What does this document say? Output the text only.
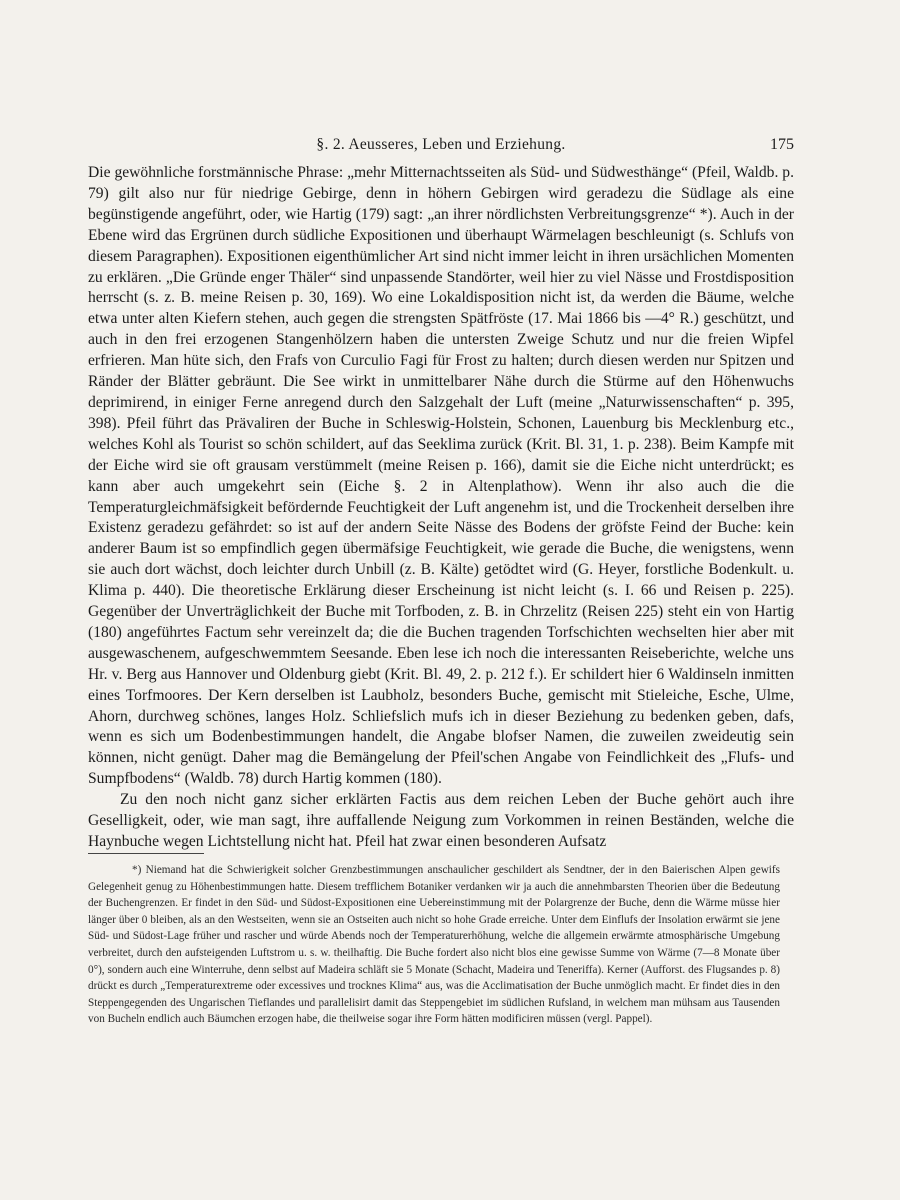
§. 2. Aeusseres, Leben und Erziehung.	175

Die gewöhnliche forstmännische Phrase: „mehr Mitternachtsseiten als Süd- und Südwesthänge“ (Pfeil, Waldb. p. 79) gilt also nur für niedrige Gebirge, denn in höhern Gebirgen wird geradezu die Südlage als eine begünstigende angeführt, oder, wie Hartig (179) sagt: „an ihrer nördlichsten Verbreitungsgrenze“ *). Auch in der Ebene wird das Ergrünen durch südliche Expositionen und überhaupt Wärmelagen beschleunigt (s. Schlufs von diesem Paragraphen). Expositionen eigenthümlicher Art sind nicht immer leicht in ihren ursächlichen Momenten zu erklären. „Die Gründe enger Thäler“ sind unpassende Standörter, weil hier zu viel Nässe und Frostdisposition herrscht (s. z. B. meine Reisen p. 30, 169). Wo eine Lokaldisposition nicht ist, da werden die Bäume, welche etwa unter alten Kiefern stehen, auch gegen die strengsten Spätfröste (17. Mai 1866 bis —4° R.) geschützt, und auch in den frei erzogenen Stangenhölzern haben die untersten Zweige Schutz und nur die freien Wipfel erfrieren. Man hüte sich, den Frafs von Curculio Fagi für Frost zu halten; durch diesen werden nur Spitzen und Ränder der Blätter gebräunt. Die See wirkt in unmittelbarer Nähe durch die Stürme auf den Höhenwuchs deprimirend, in einiger Ferne anregend durch den Salzgehalt der Luft (meine „Naturwissenschaften“ p. 395, 398). Pfeil führt das Prävaliren der Buche in Schleswig-Holstein, Schonen, Lauenburg bis Mecklenburg etc., welches Kohl als Tourist so schön schildert, auf das Seeklima zurück (Krit. Bl. 31, 1. p. 238). Beim Kampfe mit der Eiche wird sie oft grausam verstümmelt (meine Reisen p. 166), damit sie die Eiche nicht unterdrückt; es kann aber auch umgekehrt sein (Eiche §. 2 in Altenplathow). Wenn ihr also auch die die Temperaturgleichmäfsigkeit befördernde Feuchtigkeit der Luft angenehm ist, und die Trockenheit derselben ihre Existenz geradezu gefährdet: so ist auf der andern Seite Nässe des Bodens der gröfste Feind der Buche: kein anderer Baum ist so empfindlich gegen übermäfsige Feuchtigkeit, wie gerade die Buche, die wenigstens, wenn sie auch dort wächst, doch leichter durch Unbill (z. B. Kälte) getödtet wird (G. Heyer, forstliche Bodenkult. u. Klima p. 440). Die theoretische Erklärung dieser Erscheinung ist nicht leicht (s. I. 66 und Reisen p. 225). Gegenüber der Unverträglichkeit der Buche mit Torfboden, z. B. in Chrzelitz (Reisen 225) steht ein von Hartig (180) angeführtes Factum sehr vereinzelt da; die die Buchen tragenden Torfschichten wechselten hier aber mit ausgewaschenem, aufgeschwemmtem Seesande. Eben lese ich noch die interessanten Reiseberichte, welche uns Hr. v. Berg aus Hannover und Oldenburg giebt (Krit. Bl. 49, 2. p. 212 f.). Er schildert hier 6 Waldinseln inmitten eines Torfmoores. Der Kern derselben ist Laubholz, besonders Buche, gemischt mit Stieleiche, Esche, Ulme, Ahorn, durchweg schönes, langes Holz. Schliefslich mufs ich in dieser Beziehung zu bedenken geben, dafs, wenn es sich um Bodenbestimmungen handelt, die Angabe blofser Namen, die zuweilen zweideutig sein können, nicht genügt. Daher mag die Bemängelung der Pfeil'schen Angabe von Feindlichkeit des „Flufs- und Sumpfbodens“ (Waldb. 78) durch Hartig kommen (180).

Zu den noch nicht ganz sicher erklärten Factis aus dem reichen Leben der Buche gehört auch ihre Geselligkeit, oder, wie man sagt, ihre auffallende Neigung zum Vorkommen in reinen Beständen, welche die Haynbuche wegen Lichtstellung nicht hat. Pfeil hat zwar einen besonderen Aufsatz

*) Niemand hat die Schwierigkeit solcher Grenzbestimmungen anschaulicher geschildert als Sendtner, der in den Baierischen Alpen gewifs Gelegenheit genug zu Höhenbestimmungen hatte. Diesem trefflichem Botaniker verdanken wir ja auch die annehmbarsten Theorien über die Bedeutung der Buchengrenzen. Er findet in den Süd- und Südost-Expositionen eine Uebereinstimmung mit der Polargrenze der Buche, denn die Wärme müsse hier länger über 0 bleiben, als an den Westseiten, wenn sie an Ostseiten auch nicht so hohe Grade erreiche. Unter dem Einflufs der Insolation erwärmt sie jene Süd- und Südost-Lage früher und rascher und würde Abends noch der Temperaturerhöhung, welche die allgemein erwärmte atmosphärische Umgebung verbreitet, durch den aufsteigenden Luftstrom u. s. w. theilhaftig. Die Buche fordert also nicht blos eine gewisse Summe von Wärme (7—8 Monate über 0°), sondern auch eine Winterruhe, denn selbst auf Madeira schläft sie 5 Monate (Schacht, Madeira und Teneriffa). Kerner (Aufforst. des Flugsandes p. 8) drückt es durch „Temperaturextreme oder excessives und trocknes Klima“ aus, was die Acclimatisation der Buche unmöglich macht. Er findet dies in den Steppengegenden des Ungarischen Tieflandes und parallelisirt damit das Steppengebiet im südlichen Rufsland, in welchem man mühsam aus Tausenden von Bucheln endlich auch Bäumchen erzogen habe, die theilweise sogar ihre Form hätten modificiren müssen (vergl. Pappel).
